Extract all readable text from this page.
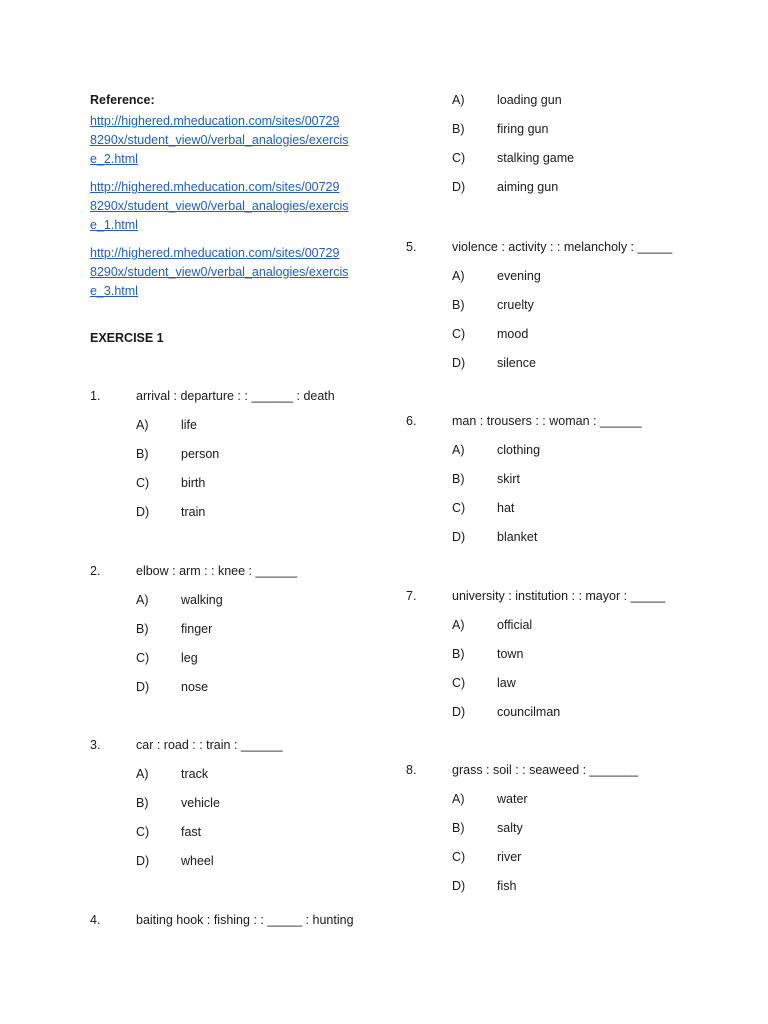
Reference:
http://highered.mheducation.com/sites/00729
8290x/student_view0/verbal_analogies/exercis
e_2.html
http://highered.mheducation.com/sites/00729
8290x/student_view0/verbal_analogies/exercis
e_1.html
http://highered.mheducation.com/sites/00729
8290x/student_view0/verbal_analogies/exercis
e_3.html
EXERCISE 1
1.	arrival : departure : : ______ : death
A)	life
B)	person
C)	birth
D)	train
2.	elbow : arm : : knee : ______
A)	walking
B)	finger
C)	leg
D)	nose
3.	car : road : : train : ______
A)	track
B)	vehicle
C)	fast
D)	wheel
4.	baiting hook : fishing : : _____ : hunting
A)	loading gun
B)	firing gun
C)	stalking game
D)	aiming gun
5.	violence : activity : : melancholy : _____
A)	evening
B)	cruelty
C)	mood
D)	silence
6.	man : trousers : : woman : ______
A)	clothing
B)	skirt
C)	hat
D)	blanket
7.	university : institution : : mayor : _____
A)	official
B)	town
C)	law
D)	councilman
8.	grass : soil : : seaweed : _______
A)	water
B)	salty
C)	river
D)	fish
